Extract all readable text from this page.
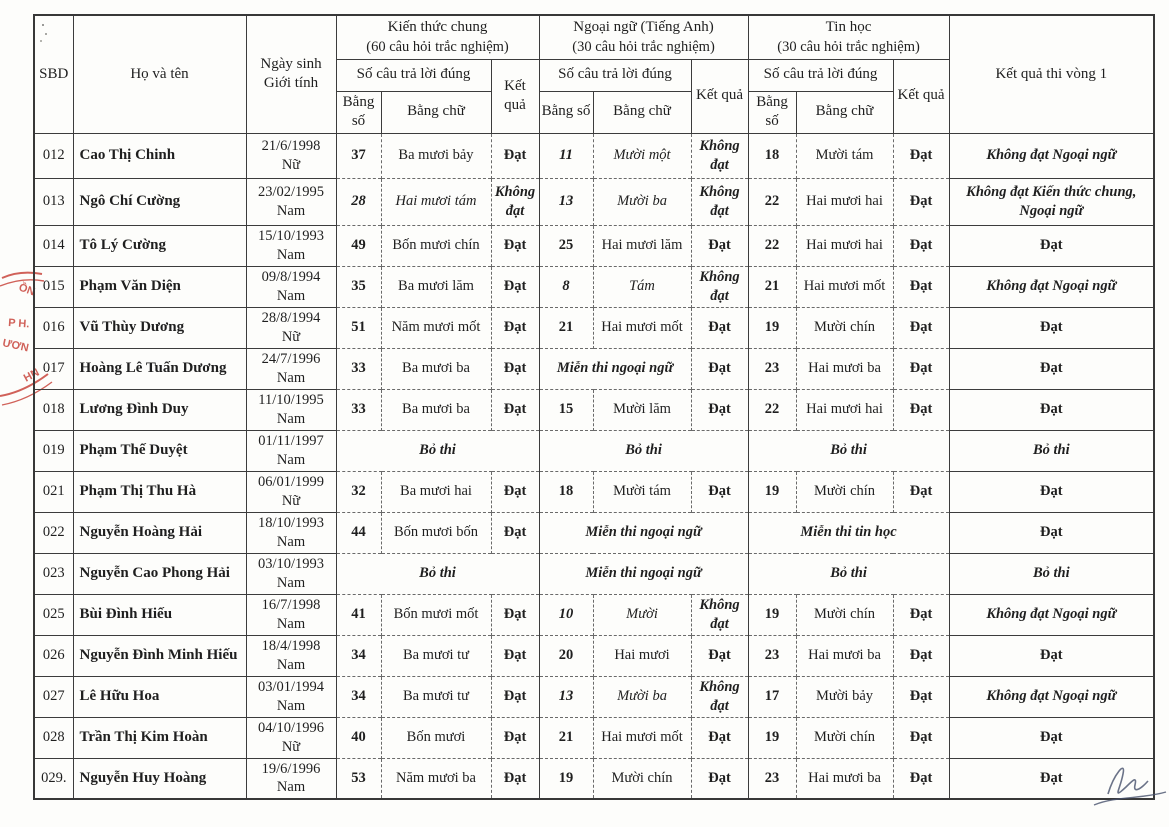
ỒN
P H.
ƯƠN
HN
SBD	Họ và tên	
Ngày sinh
Giới tính

Kiến thức chung
(60 câu hỏi trắc nghiệm)

Ngoại ngữ (Tiếng Anh)
(30 câu hỏi trắc nghiệm)

Tin học
(30 câu hỏi trắc nghiệm)
	Kết quả thi vòng 1
			Số câu trả lời đúng		Kết quả	Số câu trả lời đúng		Kết quả	Số câu trả lời đúng		Kết quả	
			Bằng số	Bằng chữ		Bằng số	Bằng chữ		Bằng số	Bằng chữ		
012	Cao Thị Chinh	21/6/1998
Nữ	37	Ba mươi bảy	Đạt	11	Mười một	Không đạt	18	Mười tám	Đạt	Không đạt Ngoại ngữ
013	Ngô Chí Cường	23/02/1995
Nam	28	Hai mươi tám	Không đạt	13	Mười ba	Không đạt	22	Hai mươi hai	Đạt	Không đạt Kiến thức chung, Ngoại ngữ
014	Tô Lý Cường	15/10/1993
Nam	49	Bốn mươi chín	Đạt	25	Hai mươi lăm	Đạt	22	Hai mươi hai	Đạt	Đạt
015	Phạm Văn Diện	09/8/1994
Nam	35	Ba mươi lăm	Đạt	8	Tám	Không đạt	21	Hai mươi mốt	Đạt	Không đạt Ngoại ngữ
016	Vũ Thùy Dương	28/8/1994
Nữ	51	Năm mươi mốt	Đạt	21	Hai mươi mốt	Đạt	19	Mười chín	Đạt	Đạt
017	Hoàng Lê Tuấn Dương	24/7/1996
Nam	33	Ba mươi ba	Đạt	Miễn thi ngoại ngữ		Đạt	23	Hai mươi ba	Đạt	Đạt
018	Lương Đình Duy	11/10/1995
Nam	33	Ba mươi ba	Đạt	15	Mười lăm	Đạt	22	Hai mươi hai	Đạt	Đạt
019	Phạm Thế Duyệt	01/11/1997
Nam	Bỏ thi			Bỏ thi			Bỏ thi			Bỏ thi
021	Phạm Thị Thu Hà	06/01/1999
Nữ	32	Ba mươi hai	Đạt	18	Mười tám	Đạt	19	Mười chín	Đạt	Đạt
022	Nguyễn Hoàng Hải	18/10/1993
Nam	44	Bốn mươi bốn	Đạt	Miễn thi ngoại ngữ			Miễn thi tin học			Đạt
023	Nguyễn Cao Phong Hải	03/10/1993
Nam	Bỏ thi			Miễn thi ngoại ngữ			Bỏ thi			Bỏ thi
025	Bùi Đình Hiếu	16/7/1998
Nam	41	Bốn mươi mốt	Đạt	10	Mười	Không đạt	19	Mười chín	Đạt	Không đạt Ngoại ngữ
026	Nguyễn Đình Minh Hiếu	18/4/1998
Nam	34	Ba mươi tư	Đạt	20	Hai mươi	Đạt	23	Hai mươi ba	Đạt	Đạt
027	Lê Hữu Hoa	03/01/1994
Nam	34	Ba mươi tư	Đạt	13	Mười ba	Không đạt	17	Mười bảy	Đạt	Không đạt Ngoại ngữ
028	Trần Thị Kim Hoàn	04/10/1996
Nữ	40	Bốn mươi	Đạt	21	Hai mươi mốt	Đạt	19	Mười chín	Đạt	Đạt
029.	Nguyễn Huy Hoàng	19/6/1996
Nam	53	Năm mươi ba	Đạt	19	Mười chín	Đạt	23	Hai mươi ba	Đạt	Đạt
